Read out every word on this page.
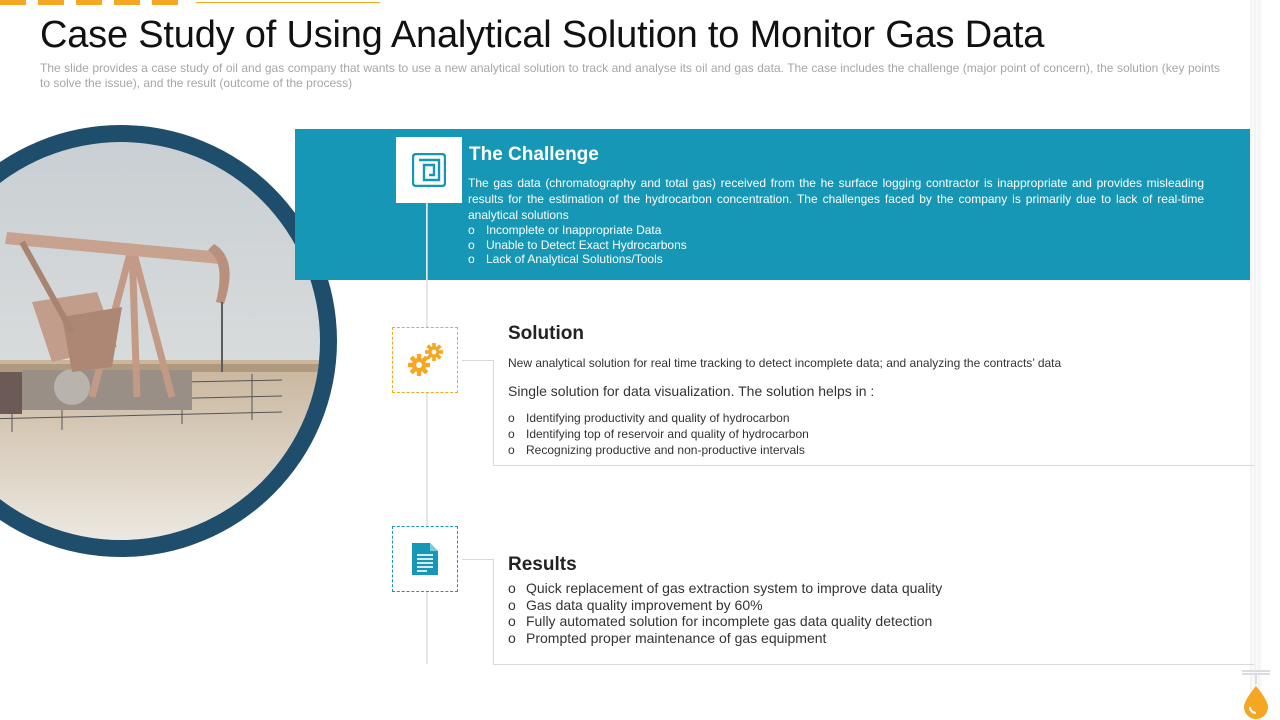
Case Study of Using Analytical Solution to Monitor Gas Data
The slide provides a case study of oil and gas company that wants to use a new analytical solution to track and analyse its oil and gas data. The case includes the challenge (major point of concern), the solution (key points to solve the issue), and the result (outcome of the process)
The Challenge
The gas data (chromatography and total gas) received from the he surface logging contractor is inappropriate and provides misleading results for the estimation of the hydrocarbon concentration. The challenges faced by the company is primarily due to lack of real-time analytical solutions
o Incomplete or Inappropriate Data
o Unable to Detect Exact Hydrocarbons
o Lack of Analytical Solutions/Tools
Solution
New analytical solution for real time tracking to detect incomplete data; and analyzing the contracts’ data
Single solution for data visualization. The solution helps in :
o Identifying productivity and quality of hydrocarbon
o Identifying top of reservoir and quality of hydrocarbon
o Recognizing productive and non-productive intervals
Results
o Quick replacement of gas extraction system to improve data quality
o Gas data quality improvement by 60%
o Fully automated solution for incomplete gas data quality detection
o Prompted proper maintenance of gas equipment
